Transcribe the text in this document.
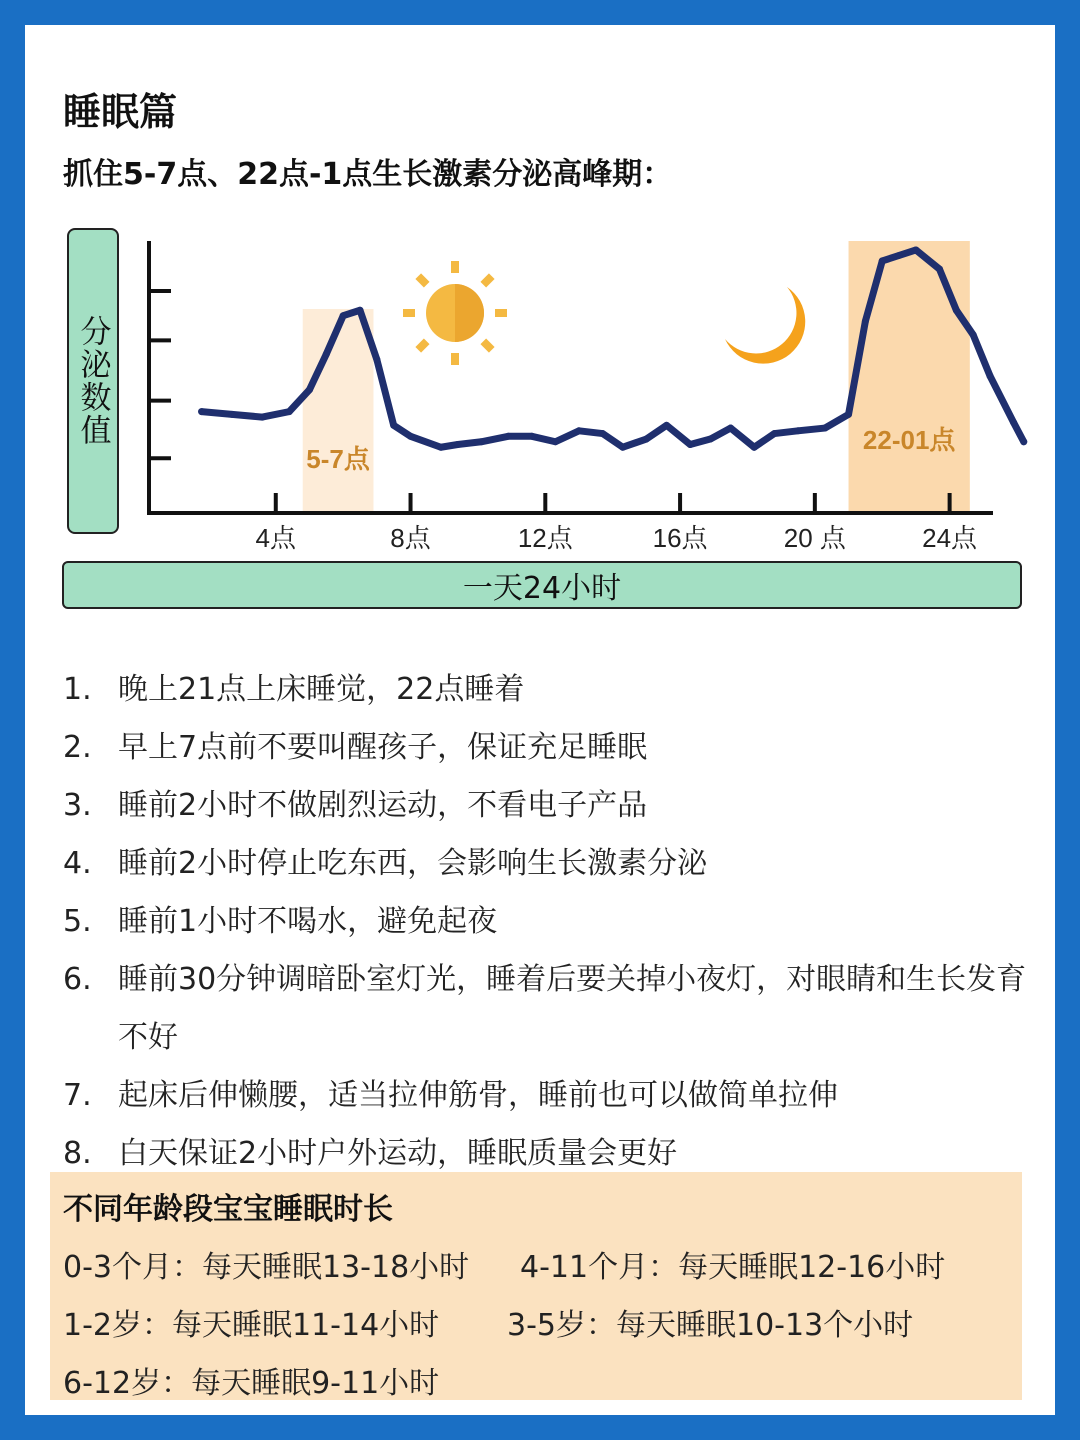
睡眠篇
抓住5-7点、22点-1点生长激素分泌高峰期：
分泌数值
5-7点
22-01点
4点	8点	12点	16点	20 点	24点
一天24小时
1. 晚上21点上床睡觉，22点睡着
2. 早上7点前不要叫醒孩子，保证充足睡眠
3. 睡前2小时不做剧烈运动，不看电子产品
4. 睡前2小时停止吃东西，会影响生长激素分泌
5. 睡前1小时不喝水，避免起夜
6. 睡前30分钟调暗卧室灯光，睡着后要关掉小夜灯，对眼睛和生长发育不好
7. 起床后伸懒腰，适当拉伸筋骨，睡前也可以做简单拉伸
8. 白天保证2小时户外运动，睡眠质量会更好
不同年龄段宝宝睡眠时长
0-3个月：每天睡眠13-18小时 4-11个月：每天睡眠12-16小时
1-2岁：每天睡眠11-14小时 3-5岁：每天睡眠10-13个小时
6-12岁：每天睡眠9-11小时
